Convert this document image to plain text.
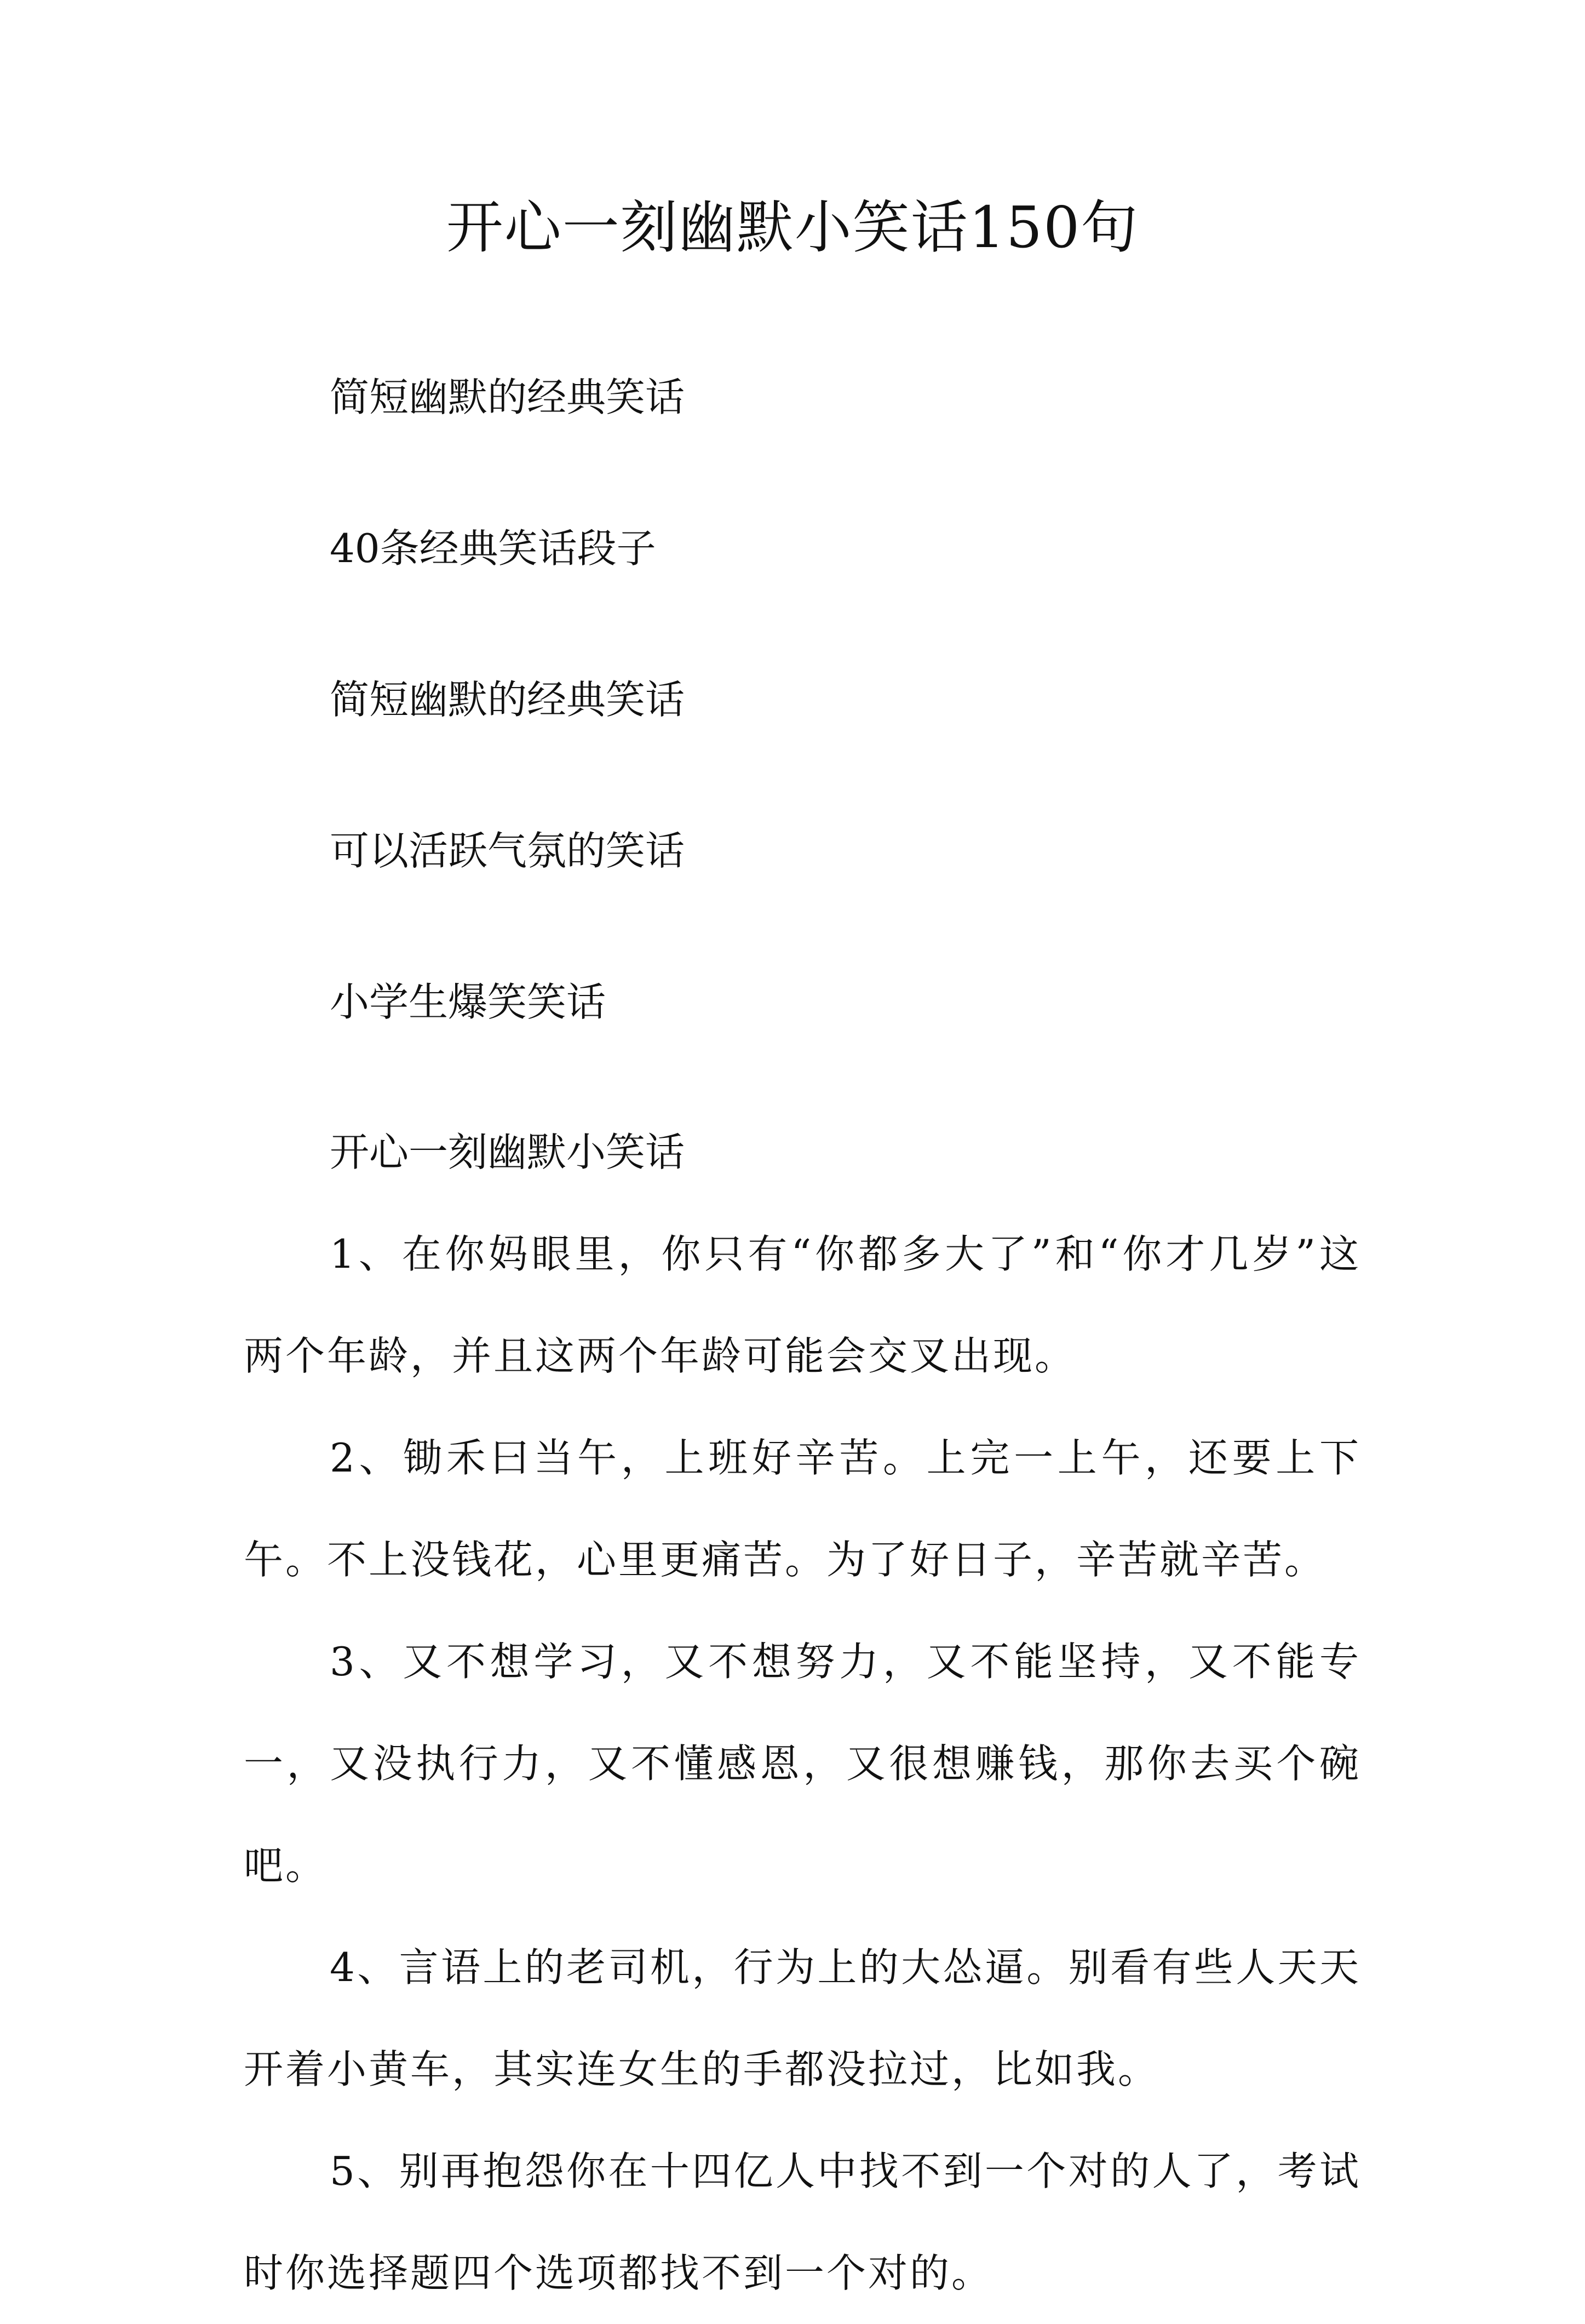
开心一刻幽默小笑话150句
简短幽默的经典笑话
40条经典笑话段子
简短幽默的经典笑话
可以活跃气氛的笑话
小学生爆笑笑话

开心一刻幽默小笑话

1、在你妈眼里，你只有“你都多大了”和“你才几岁”这两个年龄，并且这两个年龄可能会交叉出现。

2、锄禾曰当午，上班好辛苦。上完一上午，还要上下午。不上没钱花，心里更痛苦。为了好日子，辛苦就辛苦。

3、又不想学习，又不想努力，又不能坚持，又不能专一，又没执行力，又不懂感恩，又很想赚钱，那你去买个碗吧。

4、言语上的老司机，行为上的大怂逼。别看有些人天天开着小黄车，其实连女生的手都没拉过，比如我。

5、别再抱怨你在十四亿人中找不到一个对的人了，考试时你选择题四个选项都找不到一个对的。
